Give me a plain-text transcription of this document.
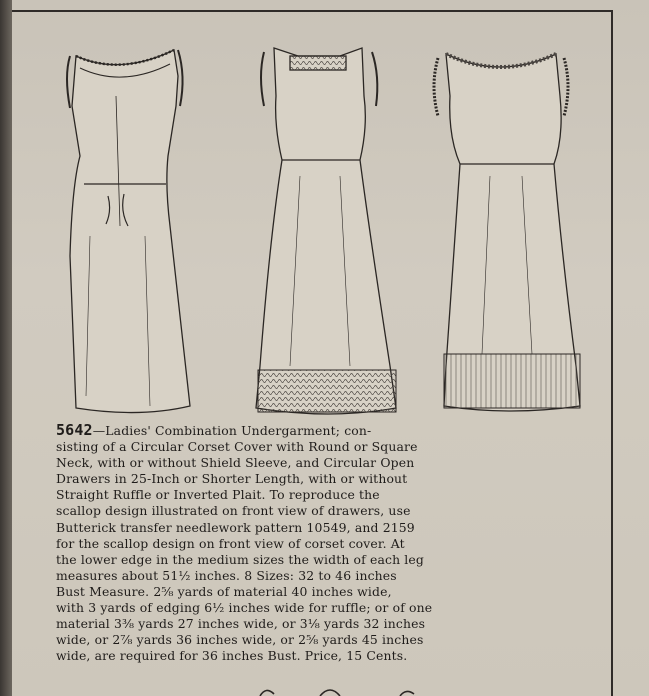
5642—Ladies' Combination Undergarment; con-
sisting of a Circular Corset Cover with Round or Square
Neck, with or without Shield Sleeve, and Circular Open
Drawers in 25-Inch or Shorter Length, with or without
Straight Ruffle or Inverted Plait. To reproduce the
scallop design illustrated on front view of drawers, use
Butterick transfer needlework pattern 10549, and 2159
for the scallop design on front view of corset cover. At
the lower edge in the medium sizes the width of each leg
measures about 51½ inches. 8 Sizes: 32 to 46 inches
Bust Measure. 2⅝ yards of material 40 inches wide,
with 3 yards of edging 6½ inches wide for ruffle; or of one
material 3⅜ yards 27 inches wide, or 3⅛ yards 32 inches
wide, or 2⅞ yards 36 inches wide, or 2⅝ yards 45 inches
wide, are required for 36 inches Bust. Price, 15 Cents.
